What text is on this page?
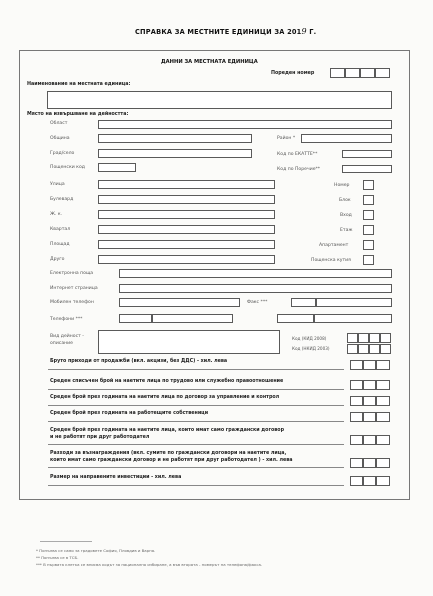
СПРАВКА ЗА МЕСТНИТЕ ЕДИНИЦИ ЗА 2019 Г.
ДАННИ ЗА МЕСТНАТА ЕДИНИЦА
Пореден номер
Наименование на местната единица:
Място на извършване на дейността:
Област
Община	Район *
Град/село	Код по ЕКАТТЕ**
Пощенски код	Код по Поречие**
Улица	Номер
Булевард	Блок
Ж. к.	Вход
Квартал	Етаж
Площад	Апартамент
Друго	Пощенска кутия
Електронна поща
Интернет страница
Мобилен телефон	Факс ***
Телефони ***
Вид дейност - описание
Код (КИД 2008)
Код (НКИД 2003)
Бруто приходи от продажби (вкл. акцизи, без ДДС) - хил. лева
Среден списъчен брой на наетите лица по трудово или служебно правоотношение
Среден брой през годината на наетите лица по договор за управление и контрол
Среден брой през годината на работещите собственици
Среден брой през годината на наетите лица, които имат само граждански договор
и не работят при друг работодател
Разходи за възнаграждения (вкл. сумите по граждански договори на наетите лица,
които имат само граждански договор и не работят при друг работодател ) - хил. лева
Размер на направените инвестиции - хил. лева
* Попълва се само за градовете София, Пловдив и Варна.
** Попълва се в ТСБ.
*** В първата клетка се вписва кодът за национално избиране, а във втората - номерът на телефона/факса.
